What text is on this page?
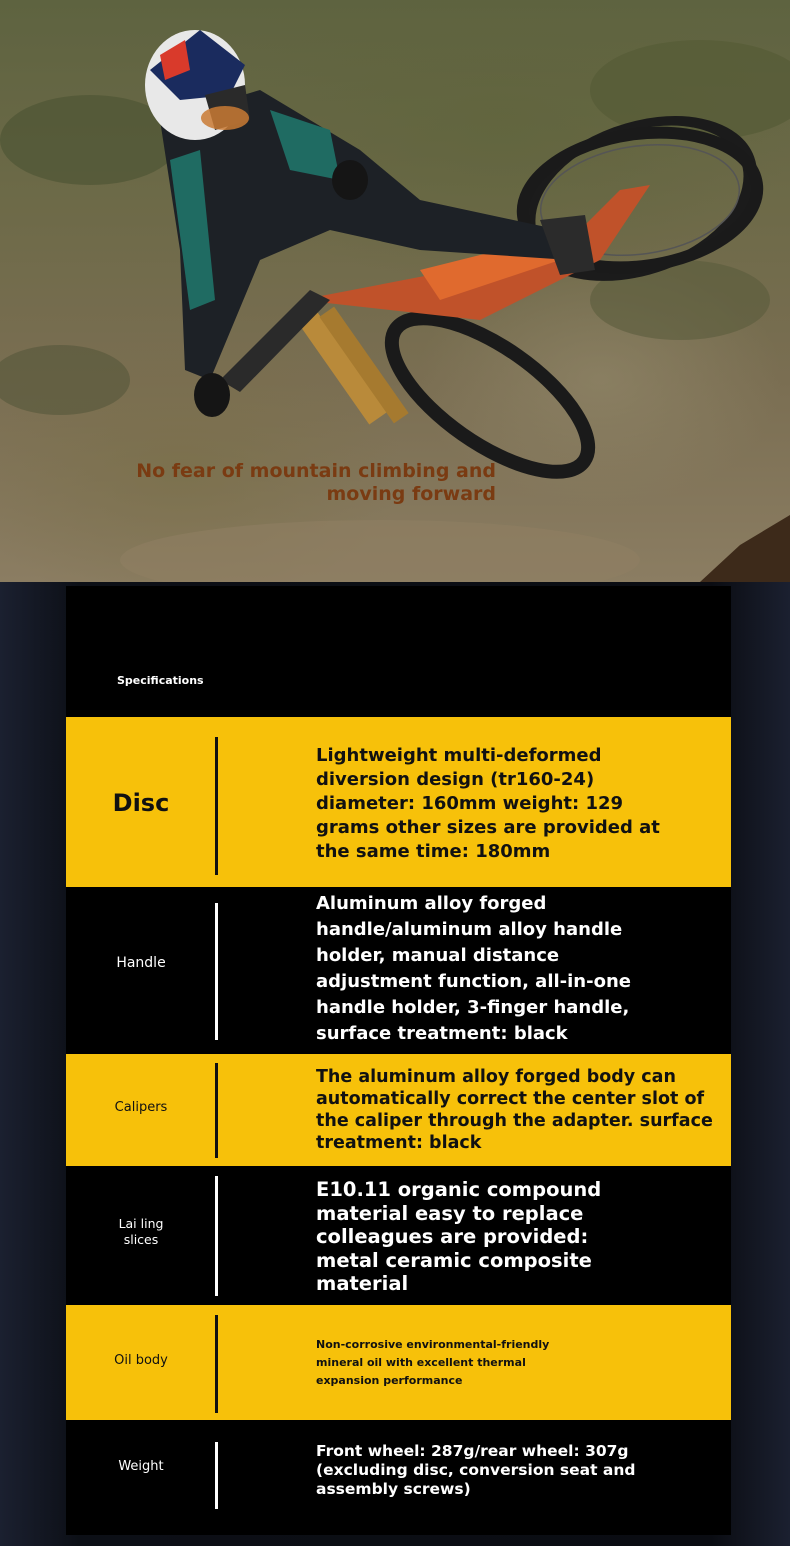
No fear of mountain climbing and
moving forward
Specifications
Disc
Lightweight multi-deformed diversion design (tr160-24) diameter: 160mm weight: 129 grams other sizes are provided at the same time: 180mm
Handle
Aluminum alloy forged handle/aluminum alloy handle holder, manual distance adjustment function, all-in-one handle holder, 3-finger handle, surface treatment: black
Calipers
The aluminum alloy forged body can automatically correct the center slot of the caliper through the adapter. surface treatment: black
Lai ling
slices
E10.11 organic compound material easy to replace colleagues are provided: metal ceramic composite material
Oil body
Non-corrosive environmental-friendly mineral oil with excellent thermal expansion performance
Weight
Front wheel: 287g/rear wheel: 307g (excluding disc, conversion seat and assembly screws)
